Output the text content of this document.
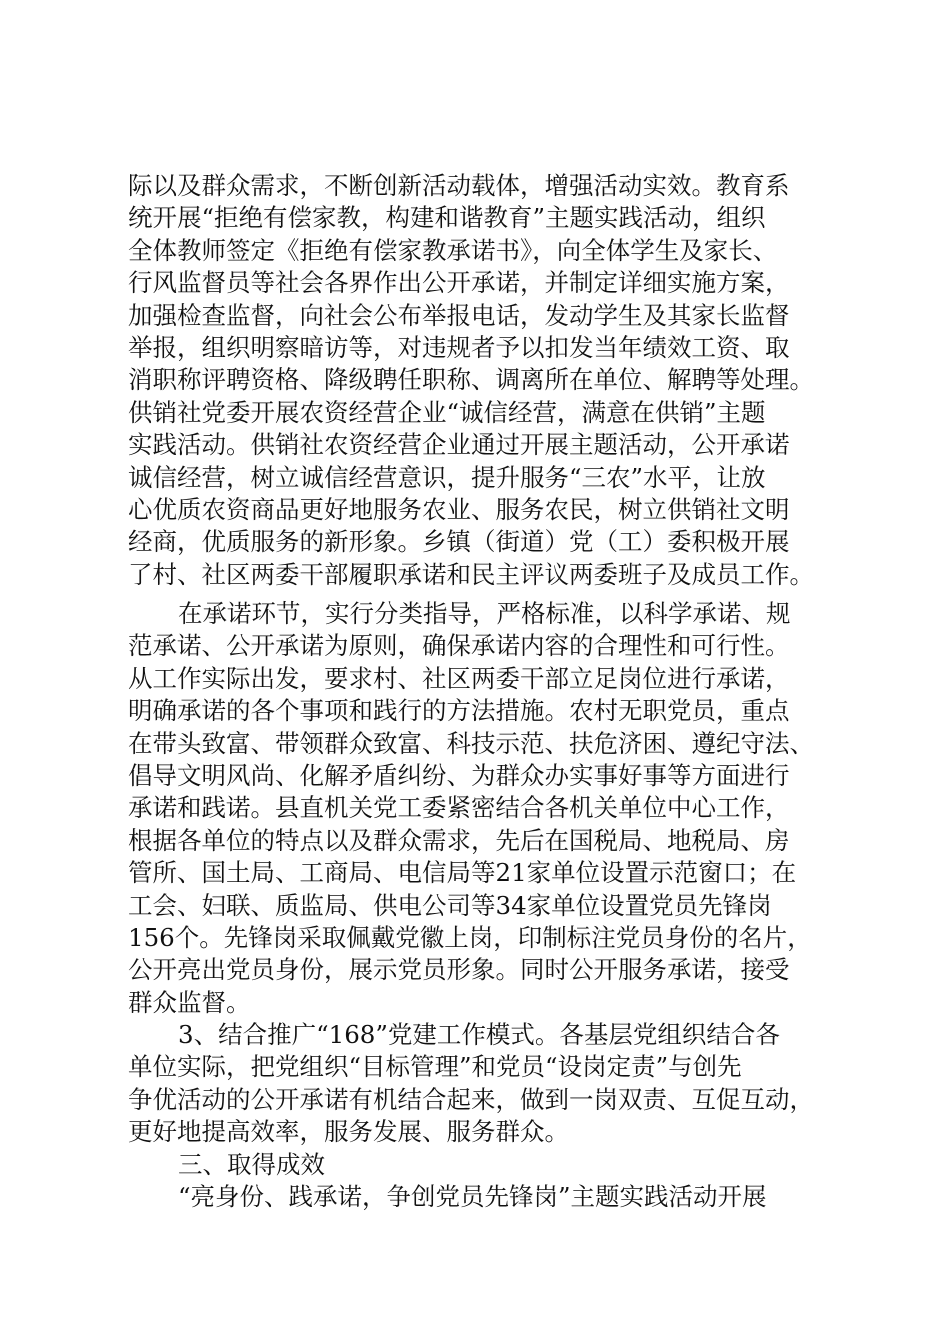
际以及群众需求，不断创新活动载体，增强活动实效。教育系
统开展“拒绝有偿家教，构建和谐教育”主题实践活动，组织
全体教师签定《拒绝有偿家教承诺书》，向全体学生及家长、
行风监督员等社会各界作出公开承诺，并制定详细实施方案，
加强检查监督，向社会公布举报电话，发动学生及其家长监督
举报，组织明察暗访等，对违规者予以扣发当年绩效工资、取
消职称评聘资格、降级聘任职称、调离所在单位、解聘等处理。
供销社党委开展农资经营企业“诚信经营，满意在供销”主题
实践活动。供销社农资经营企业通过开展主题活动，公开承诺
诚信经营，树立诚信经营意识，提升服务“三农”水平，让放
心优质农资商品更好地服务农业、服务农民，树立供销社文明
经商，优质服务的新形象。乡镇（街道）党（工）委积极开展
了村、社区两委干部履职承诺和民主评议两委班子及成员工作。
在承诺环节，实行分类指导，严格标准，以科学承诺、规
范承诺、公开承诺为原则，确保承诺内容的合理性和可行性。
从工作实际出发，要求村、社区两委干部立足岗位进行承诺，
明确承诺的各个事项和践行的方法措施。农村无职党员，重点
在带头致富、带领群众致富、科技示范、扶危济困、遵纪守法、
倡导文明风尚、化解矛盾纠纷、为群众办实事好事等方面进行
承诺和践诺。县直机关党工委紧密结合各机关单位中心工作，
根据各单位的特点以及群众需求，先后在国税局、地税局、房
管所、国土局、工商局、电信局等21家单位设置示范窗口；在
工会、妇联、质监局、供电公司等34家单位设置党员先锋岗
156个。先锋岗采取佩戴党徽上岗，印制标注党员身份的名片，
公开亮出党员身份，展示党员形象。同时公开服务承诺，接受
群众监督。
3、结合推广“168”党建工作模式。各基层党组织结合各
单位实际，把党组织“目标管理”和党员“设岗定责”与创先
争优活动的公开承诺有机结合起来，做到一岗双责、互促互动，
更好地提高效率，服务发展、服务群众。
三、取得成效
“亮身份、践承诺，争创党员先锋岗”主题实践活动开展
